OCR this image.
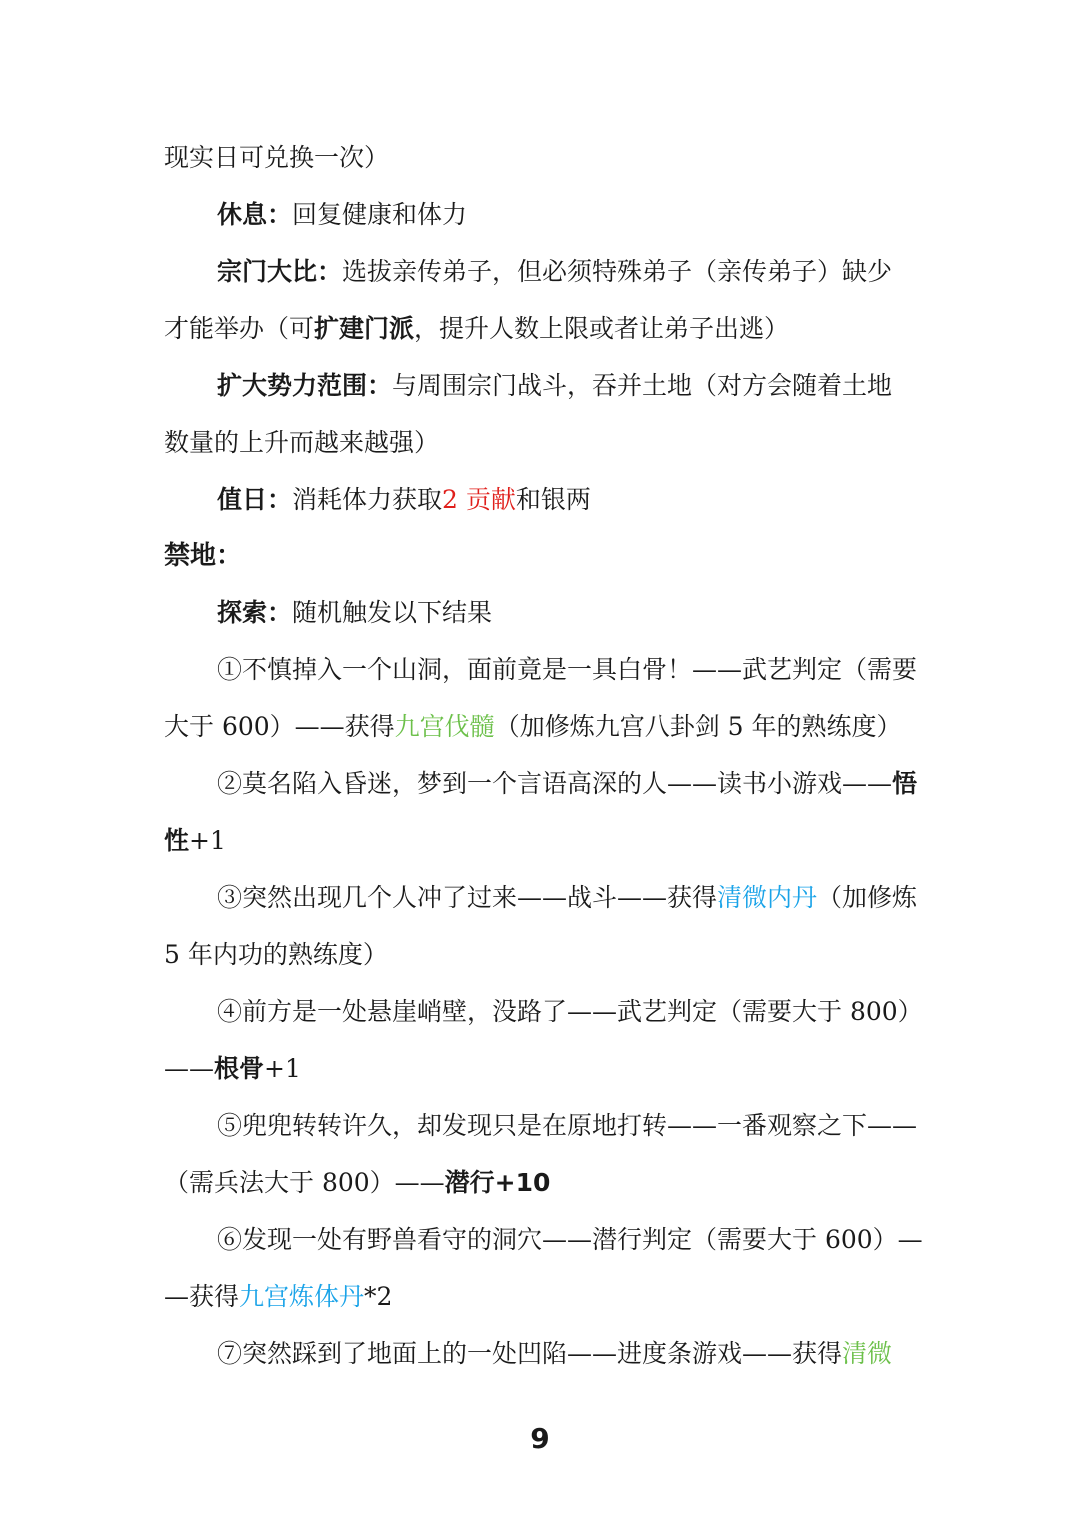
现实日可兑换一次）
休息：回复健康和体力
宗门大比：选拔亲传弟子，但必须特殊弟子（亲传弟子）缺少
才能举办（可扩建门派，提升人数上限或者让弟子出逃）
扩大势力范围：与周围宗门战斗，吞并土地（对方会随着土地
数量的上升而越来越强）
值日：消耗体力获取2 贡献和银两
禁地：
探索：随机触发以下结果
①不慎掉入一个山洞，面前竟是一具白骨！——武艺判定（需要
大于 600）——获得九宫伐髓（加修炼九宫八卦剑 5 年的熟练度）
②莫名陷入昏迷，梦到一个言语高深的人——读书小游戏——悟
性+1
③突然出现几个人冲了过来——战斗——获得清微内丹（加修炼
5 年内功的熟练度）
④前方是一处悬崖峭壁，没路了——武艺判定（需要大于 800）
——根骨+1
⑤兜兜转转许久，却发现只是在原地打转——一番观察之下——
（需兵法大于 800）——潜行+10
⑥发现一处有野兽看守的洞穴——潜行判定（需要大于 600）—
—获得九宫炼体丹*2
⑦突然踩到了地面上的一处凹陷——进度条游戏——获得清微
9
